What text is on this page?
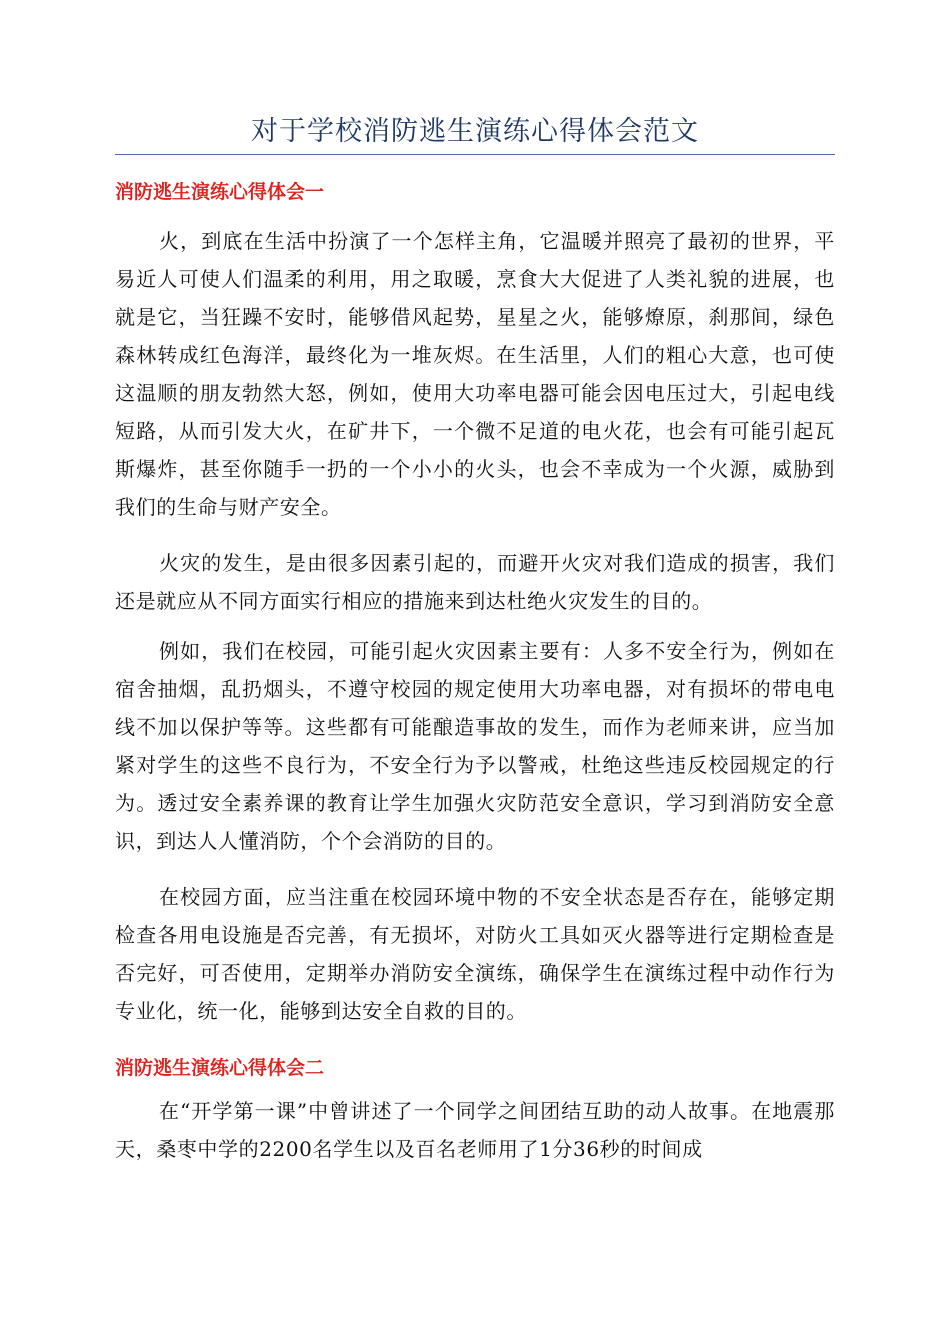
对于学校消防逃生演练心得体会范文
消防逃生演练心得体会一

火，到底在生活中扮演了一个怎样主角，它温暖并照亮了最初的世界，平易近人可使人们温柔的利用，用之取暖，烹食大大促进了人类礼貌的进展，也就是它，当狂躁不安时，能够借风起势，星星之火，能够燎原，刹那间，绿色森林转成红色海洋，最终化为一堆灰烬。在生活里，人们的粗心大意，也可使这温顺的朋友勃然大怒，例如，使用大功率电器可能会因电压过大，引起电线短路，从而引发大火，在矿井下，一个微不足道的电火花，也会有可能引起瓦斯爆炸，甚至你随手一扔的一个小小的火头，也会不幸成为一个火源，威胁到我们的生命与财产安全。

火灾的发生，是由很多因素引起的，而避开火灾对我们造成的损害，我们还是就应从不同方面实行相应的措施来到达杜绝火灾发生的目的。

例如，我们在校园，可能引起火灾因素主要有：人多不安全行为，例如在宿舍抽烟，乱扔烟头，不遵守校园的规定使用大功率电器，对有损坏的带电电线不加以保护等等。这些都有可能酿造事故的发生，而作为老师来讲，应当加紧对学生的这些不良行为，不安全行为予以警戒，杜绝这些违反校园规定的行为。透过安全素养课的教育让学生加强火灾防范安全意识，学习到消防安全意识，到达人人懂消防，个个会消防的目的。

在校园方面，应当注重在校园环境中物的不安全状态是否存在，能够定期检查各用电设施是否完善，有无损坏，对防火工具如灭火器等进行定期检查是否完好，可否使用，定期举办消防安全演练，确保学生在演练过程中动作行为专业化，统一化，能够到达安全自救的目的。

消防逃生演练心得体会二

在“开学第一课”中曾讲述了一个同学之间团结互助的动人故事。在地震那天，桑枣中学的2200名学生以及百名老师用了1分36秒的时间成
